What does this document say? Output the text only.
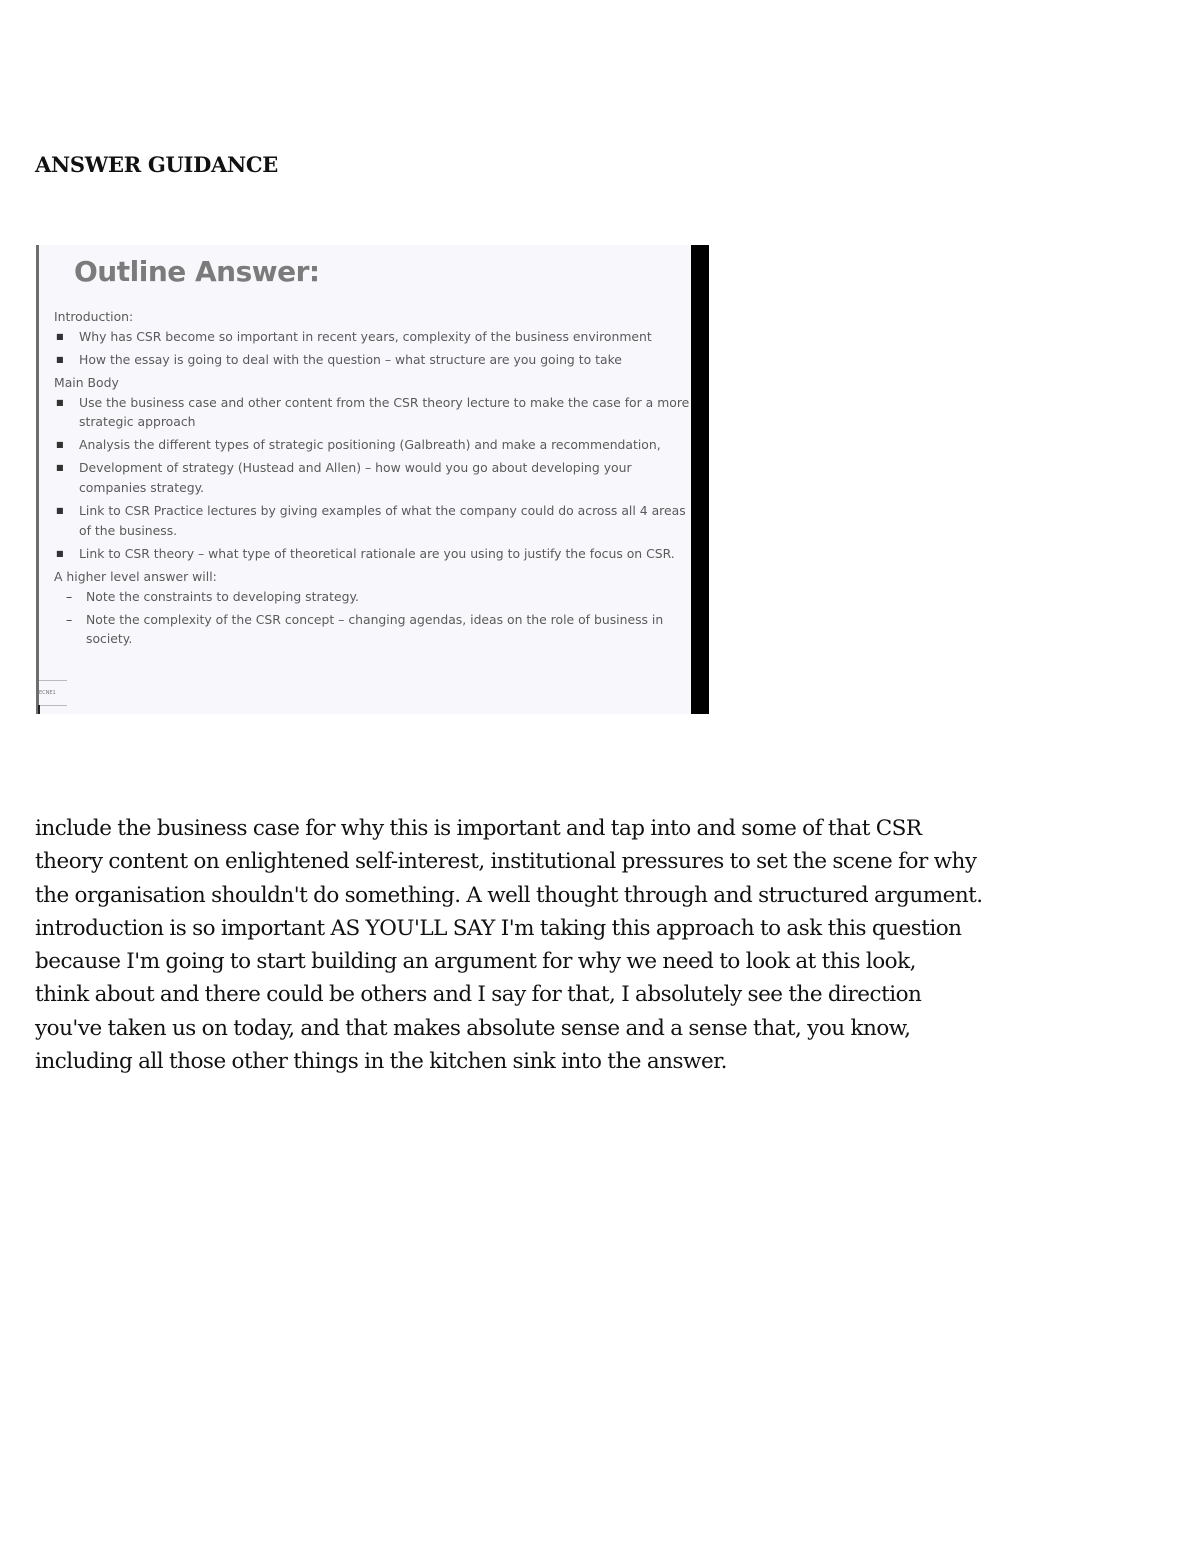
ANSWER GUIDANCE
Outline Answer:

Introduction:

■ Why has CSR become so important in recent years, complexity of the business environment
■ How the essay is going to deal with the question – what structure are you going to take

Main Body

■ Use the business case and other content from the CSR theory lecture to make the case for a more strategic approach
■ Analysis the different types of strategic positioning (Galbreath) and make a recommendation,
■ Development of strategy (Hustead and Allen) – how would you go about developing your companies strategy.
■ Link to CSR Practice lectures by giving examples of what the company could do across all 4 areas of the business.
■ Link to CSR theory – what type of theoretical rationale are you using to justify the focus on CSR.

A higher level answer will:

– Note the constraints to developing strategy.
– Note the complexity of the CSR concept – changing agendas, ideas on the role of business in society.
ECNE1

include the business case for why this is important and tap into and some of that CSR
theory content on enlightened self-interest, institutional pressures to set the scene for why
the organisation shouldn't do something. A well thought through and structured argument.
introduction is so important AS YOU'LL SAY I'm taking this approach to ask this question
because I'm going to start building an argument for why we need to look at this look,
think about and there could be others and I say for that, I absolutely see the direction
you've taken us on today, and that makes absolute sense and a sense that, you know,
including all those other things in the kitchen sink into the answer.
